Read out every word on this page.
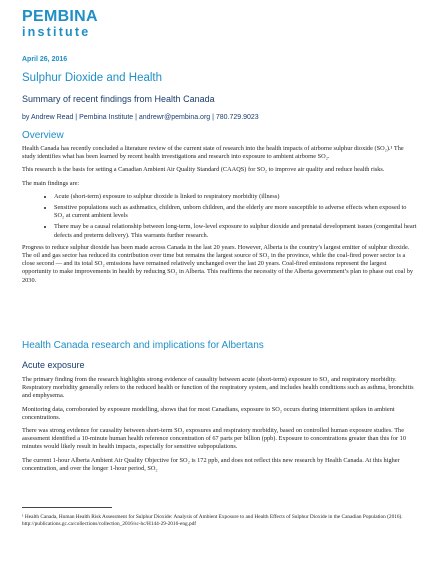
PEMBINA
institute
April 26, 2016
Sulphur Dioxide and Health
Summary of recent findings from Health Canada
by Andrew Read | Pembina Institute | andrewr@pembina.org | 780.729.9023
Overview

Health Canada has recently concluded a literature review of the current state of research into the health impacts of airborne sulphur dioxide (SO₂).¹ The study identifies what has been learned by recent health investigations and research into exposure to ambient airborne SO₂.

This research is the basis for setting a Canadian Ambient Air Quality Standard (CAAQS) for SO₂ to improve air quality and reduce health risks.

The main findings are:

• Acute (short-term) exposure to sulphur dioxide is linked to respiratory morbidity (illness)
• Sensitive populations such as asthmatics, children, unborn children, and the elderly are more susceptible to adverse effects when exposed to SO₂ at current ambient levels
• There may be a causal relationship between long-term, low-level exposure to sulphur dioxide and prenatal development issues (congenital heart defects and preterm delivery). This warrants further research.

Progress to reduce sulphur dioxide has been made across Canada in the last 20 years. However, Alberta is the country’s largest emitter of sulphur dioxide. The oil and gas sector has reduced its contribution over time but remains the largest source of SO₂ in the province, while the coal-fired power sector is a close second — and its total SO₂ emissions have remained relatively unchanged over the last 20 years. Coal-fired emissions represent the largest opportunity to make improvements in health by reducing SO₂ in Alberta. This reaffirms the necessity of the Alberta government’s plan to phase out coal by 2030.

Health Canada research and implications for Albertans
Acute exposure

The primary finding from the research highlights strong evidence of causality between acute (short-term) exposure to SO₂ and respiratory morbidity. Respiratory morbidity generally refers to the reduced health or function of the respiratory system, and includes health conditions such as asthma, bronchitis and emphysema.

Monitoring data, corroborated by exposure modelling, shows that for most Canadians, exposure to SO₂ occurs during intermittent spikes in ambient concentrations.

There was strong evidence for causality between short-term SO₂ exposures and respiratory morbidity, based on controlled human exposure studies. The assessment identified a 10-minute human health reference concentration of 67 parts per billion (ppb). Exposure to concentrations greater than this for 10 minutes would likely result in health impacts, especially for sensitive subpopulations.

The current 1-hour Alberta Ambient Air Quality Objective for SO₂ is 172 ppb, and does not reflect this new research by Health Canada. At this higher concentration, and over the longer 1-hour period, SO₂

¹ Health Canada, Human Health Risk Assessment for Sulphur Dioxide: Analysis of Ambient Exposure to and Health Effects of Sulphur Dioxide in the Canadian Population (2016). http://publications.gc.ca/collections/collection_2016/sc-hc/H144-29-2016-eng.pdf
